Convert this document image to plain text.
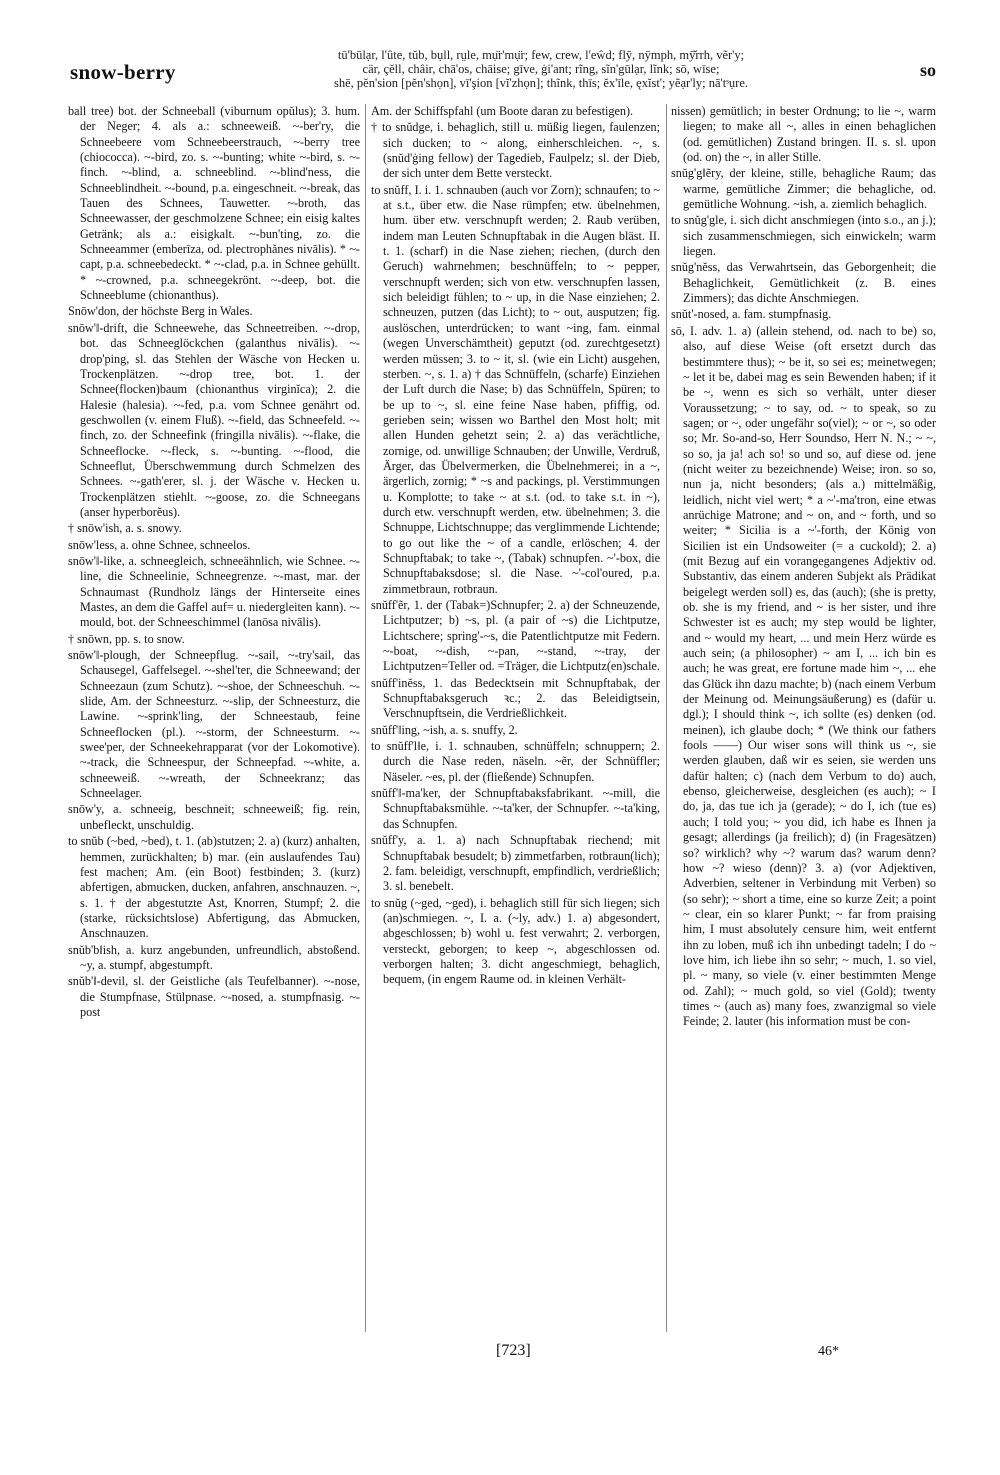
snow-berry
tū'būlạr, l'ûte, tŭb, bụll, rṳle, mụ̈r'mụ̈r; few, crew, l'eŵd; flȳ, nȳmph, mȳ̆rrh, vẽr'y;
cär, çĕll, châir, chā'os, chāise; gīve, ġi'ant; rĩng, sĩn'gūlạr, lĩnk; sō, wīse;
shē, pĕn'sion [pĕn'shọn], vī'şion [vĭ'zhọn]; thĩnk, thīs; ĕx'īle, ęxĭst'; yẽạr'ly; nā'tˢụre.
so

ball tree) bot. der Schneeball (viburnum opŭlus); 3. hum. der Neger; 4. als a.: schneeweiß. ~-ber'ry, die Schneebeere vom Schneebeerstrauch, ~-berry tree (chiococca). ~-bird, zo. s. ~-bunting; white ~-bird, s. ~-finch. ~-blind, a. schneeblind. ~-blind'ness, die Schneeblindheit. ~-bound, p.a. eingeschneit. ~-break, das Tauen des Schnees, Tauwetter. ~-broth, das Schneewasser, der geschmolzene Schnee; ein eisig kaltes Getränk; als a.: eisigkalt. ~-bun'ting, zo. die Schneeammer (emberīza, od. plectrophănes nivālis). * ~-capt, p.a. schneebedeckt. * ~-clad, p.a. in Schnee gehüllt. * ~-crowned, p.a. schneegekrönt. ~-deep, bot. die Schneeblume (chionanthus).

Snōw'don, der höchste Berg in Wales.

snōw'‖-drift, die Schneewehe, das Schneetreiben. ~-drop, bot. das Schneeglöckchen (galanthus nivālis). ~-drop'ping, sl. das Stehlen der Wäsche von Hecken u. Trockenplätzen. ~-drop tree, bot. 1. der Schnee(flocken)baum (chionanthus virginĭca); 2. die Halesie (halesia). ~-fed, p.a. vom Schnee genährt od. geschwollen (v. einem Fluß). ~-field, das Schneefeld. ~-finch, zo. der Schneefink (fringilla nivālis). ~-flake, die Schneeflocke. ~-fleck, s. ~-bunting. ~-flood, die Schneeflut, Überschwemmung durch Schmelzen des Schnees. ~-gath'erer, sl. j. der Wäsche v. Hecken u. Trockenplätzen stiehlt. ~-goose, zo. die Schneegans (anser hyperborĕus).

† snōw'ish, a. s. snowy.

snōw'less, a. ohne Schnee, schneelos.

snōw'‖-like, a. schneegleich, schneeähnlich, wie Schnee. ~-line, die Schneelinie, Schneegrenze. ~-mast, mar. der Schnaumast (Rundholz längs der Hinterseite eines Mastes, an dem die Gaffel auf= u. niedergleiten kann). ~-mould, bot. der Schneeschimmel (lanōsa nivālis).

† snōwn, pp. s. to snow.

snōw'‖-plough, der Schneepflug. ~-sail, ~-try'sail, das Schausegel, Gaffelsegel. ~-shel'ter, die Schneewand; der Schneezaun (zum Schutz). ~-shoe, der Schneeschuh. ~-slide, Am. der Schneesturz. ~-slip, der Schneesturz, die Lawine. ~-sprink'ling, der Schneestaub, feine Schneeflocken (pl.). ~-storm, der Schneesturm. ~-swee'per, der Schneekehrapparat (vor der Lokomotive). ~-track, die Schneespur, der Schneepfad. ~-white, a. schneeweiß. ~-wreath, der Schneekranz; das Schneelager.

snōw'y, a. schneeig, beschneit; schneeweiß; fig. rein, unbefleckt, unschuldig.

to snŭb (~bed, ~bed), t. 1. (ab)stutzen; 2. a) (kurz) anhalten, hemmen, zurückhalten; b) mar. (ein auslaufendes Tau) fest machen; Am. (ein Boot) festbinden; 3. (kurz) abfertigen, abmucken, ducken, anfahren, anschnauzen. ~, s. 1. † der abgestutzte Ast, Knorren, Stumpf; 2. die (starke, rücksichtslose) Abfertigung, das Abmucken, Anschnauzen.

snŭb'b‖ish, a. kurz angebunden, unfreundlich, abstoßend. ~y, a. stumpf, abgestumpft.

snŭb'‖-devil, sl. der Geistliche (als Teufelbanner). ~-nose, die Stumpfnase, Stülpnase. ~-nosed, a. stumpfnasig. ~-post

Am. der Schiffspfahl (um Boote daran zu befestigen).

† to snŭdge, i. behaglich, still u. müßig liegen, faulenzen; sich ducken; to ~ along, einherschleichen. ~, s. (snŭd'ġing fellow) der Tagedieb, Faulpelz; sl. der Dieb, der sich unter dem Bette versteckt.

to snŭff, I. i. 1. schnauben (auch vor Zorn); schnaufen; to ~ at s.t., über etw. die Nase rümpfen; etw. übelnehmen, hum. über etw. verschnupft werden; 2. Raub verüben, indem man Leuten Schnupftabak in die Augen bläst. II. t. 1. (scharf) in die Nase ziehen; riechen, (durch den Geruch) wahrnehmen; beschnüffeln; to ~ pepper, verschnupft werden; sich von etw. verschnupfen lassen, sich beleidigt fühlen; to ~ up, in die Nase einziehen; 2. schneuzen, putzen (das Licht); to ~ out, ausputzen; fig. auslöschen, unterdrücken; to want ~ing, fam. einmal (wegen Unverschämtheit) geputzt (od. zurechtgesetzt) werden müssen; 3. to ~ it, sl. (wie ein Licht) ausgehen, sterben. ~, s. 1. a) † das Schnüffeln, (scharfe) Einziehen der Luft durch die Nase; b) das Schnüffeln, Spüren; to be up to ~, sl. eine feine Nase haben, pfiffig, od. gerieben sein; wissen wo Barthel den Most holt; mit allen Hunden gehetzt sein; 2. a) das verächtliche, zornige, od. unwillige Schnauben; der Unwille, Verdruß, Ärger, das Übelvermerken, die Übelnehmerei; in a ~, ärgerlich, zornig; * ~s and packings, pl. Verstimmungen u. Komplotte; to take ~ at s.t. (od. to take s.t. in ~), durch etw. verschnupft werden, etw. übelnehmen; 3. die Schnuppe, Lichtschnuppe; das verglimmende Lichtende; to go out like the ~ of a candle, erlöschen; 4. der Schnupftabak; to take ~, (Tabak) schnupfen. ~'-box, die Schnupftabaksdose; sl. die Nase. ~'-col'oured, p.a. zimmetbraun, rotbraun.

snŭff'ẽr, 1. der (Tabak=)Schnupfer; 2. a) der Schneuzende, Lichtputzer; b) ~s, pl. (a pair of ~s) die Lichtputze, Lichtschere; spring'-~s, die Patentlichtputze mit Federn. ~-boat, ~-dish, ~-pan, ~-stand, ~-tray, der Lichtputzen=Teller od. =Träger, die Lichtputz(en)schale.

snŭff'inĕss, 1. das Bedecktsein mit Schnupftabak, der Schnupftabaksgeruch ꝛc.; 2. das Beleidigtsein, Verschnupftsein, die Verdrießlichkeit.

snŭff'‖ing, ~ish, a. s. snuffy, 2.

to snŭff'l‖e, i. 1. schnauben, schnüffeln; schnuppern; 2. durch die Nase reden, näseln. ~ẽr, der Schnüffler; Näseler. ~es, pl. der (fließende) Schnupfen.

snŭff'‖-ma'ker, der Schnupftabaksfabrikant. ~-mill, die Schnupftabaksmühle. ~-ta'ker, der Schnupfer. ~-ta'king, das Schnupfen.

snŭff'y, a. 1. a) nach Schnupftabak riechend; mit Schnupftabak besudelt; b) zimmetfarben, rotbraun(lich); 2. fam. beleidigt, verschnupft, empfindlich, verdrießlich; 3. sl. benebelt.

to snŭg (~ged, ~ged), i. behaglich still für sich liegen; sich (an)schmiegen. ~, I. a. (~ly, adv.) 1. a) abgesondert, abgeschlossen; b) wohl u. fest verwahrt; 2. verborgen, versteckt, geborgen; to keep ~, abgeschlossen od. verborgen halten; 3. dicht angeschmiegt, behaglich, bequem, (in engem Raume od. in kleinen Verhält-

nissen) gemütlich; in bester Ordnung; to lie ~, warm liegen; to make all ~, alles in einen behaglichen (od. gemütlichen) Zustand bringen. II. s. sl. upon (od. on) the ~, in aller Stille.

snŭg'g‖ẽry, der kleine, stille, behagliche Raum; das warme, gemütliche Zimmer; die behagliche, od. gemütliche Wohnung. ~ish, a. ziemlich behaglich.

to snŭg'gle, i. sich dicht anschmiegen (into s.o., an j.); sich zusammenschmiegen, sich einwickeln; warm liegen.

snŭg'nĕss, das Verwahrtsein, das Geborgenheit; die Behaglichkeit, Gemütlichkeit (z. B. eines Zimmers); das dichte Anschmiegen.

snŭt'-nosed, a. fam. stumpfnasig.

sō, I. adv. 1. a) (allein stehend, od. nach to be) so, also, auf diese Weise (oft ersetzt durch das bestimmtere thus); ~ be it, so sei es; meinetwegen; ~ let it be, dabei mag es sein Bewenden haben; if it be ~, wenn es sich so verhält, unter dieser Voraussetzung; ~ to say, od. ~ to speak, so zu sagen; or ~, oder ungefähr so(viel); ~ or ~, so oder so; Mr. So-and-so, Herr Soundso, Herr N. N.; ~ ~, so so, ja ja! ach so! so und so, auf diese od. jene (nicht weiter zu bezeichnende) Weise; iron. so so, nun ja, nicht besonders; (als a.) mittelmäßig, leidlich, nicht viel wert; * a ~'-ma'tron, eine etwas anrüchige Matrone; and ~ on, and ~ forth, und so weiter; * Sicilia is a ~'-forth, der König von Sicilien ist ein Undsoweiter (= a cuckold); 2. a) (mit Bezug auf ein vorangegangenes Adjektiv od. Substantiv, das einem anderen Subjekt als Prädikat beigelegt werden soll) es, das (auch); (she is pretty, ob. she is my friend, and ~ is her sister, und ihre Schwester ist es auch; my step would be lighter, and ~ would my heart, ... und mein Herz würde es auch sein; (a philosopher) ~ am I, ... ich bin es auch; he was great, ere fortune made him ~, ... ehe das Glück ihn dazu machte; b) (nach einem Verbum der Meinung od. Meinungsäußerung) es (dafür u. dgl.); I should think ~, ich sollte (es) denken (od. meinen), ich glaube doch; * (We think our fathers fools ——) Our wiser sons will think us ~, sie werden glauben, daß wir es seien, sie werden uns dafür halten; c) (nach dem Verbum to do) auch, ebenso, gleicherweise, desgleichen (es auch); ~ I do, ja, das tue ich ja (gerade); ~ do I, ich (tue es) auch; I told you; ~ you did, ich habe es Ihnen ja gesagt; allerdings (ja freilich); d) (in Fragesätzen) so? wirklich? why ~? warum das? warum denn? how ~? wieso (denn)? 3. a) (vor Adjektiven, Adverbien, seltener in Verbindung mit Verben) so (so sehr); ~ short a time, eine so kurze Zeit; a point ~ clear, ein so klarer Punkt; ~ far from praising him, I must absolutely censure him, weit entfernt ihn zu loben, muß ich ihn unbedingt tadeln; I do ~ love him, ich liebe ihn so sehr; ~ much, 1. so viel, pl. ~ many, so viele (v. einer bestimmten Menge od. Zahl); ~ much gold, so viel (Gold); twenty times ~ (auch as) many foes, zwanzigmal so viele Feinde; 2. lauter (his information must be con-

[723]	46*
